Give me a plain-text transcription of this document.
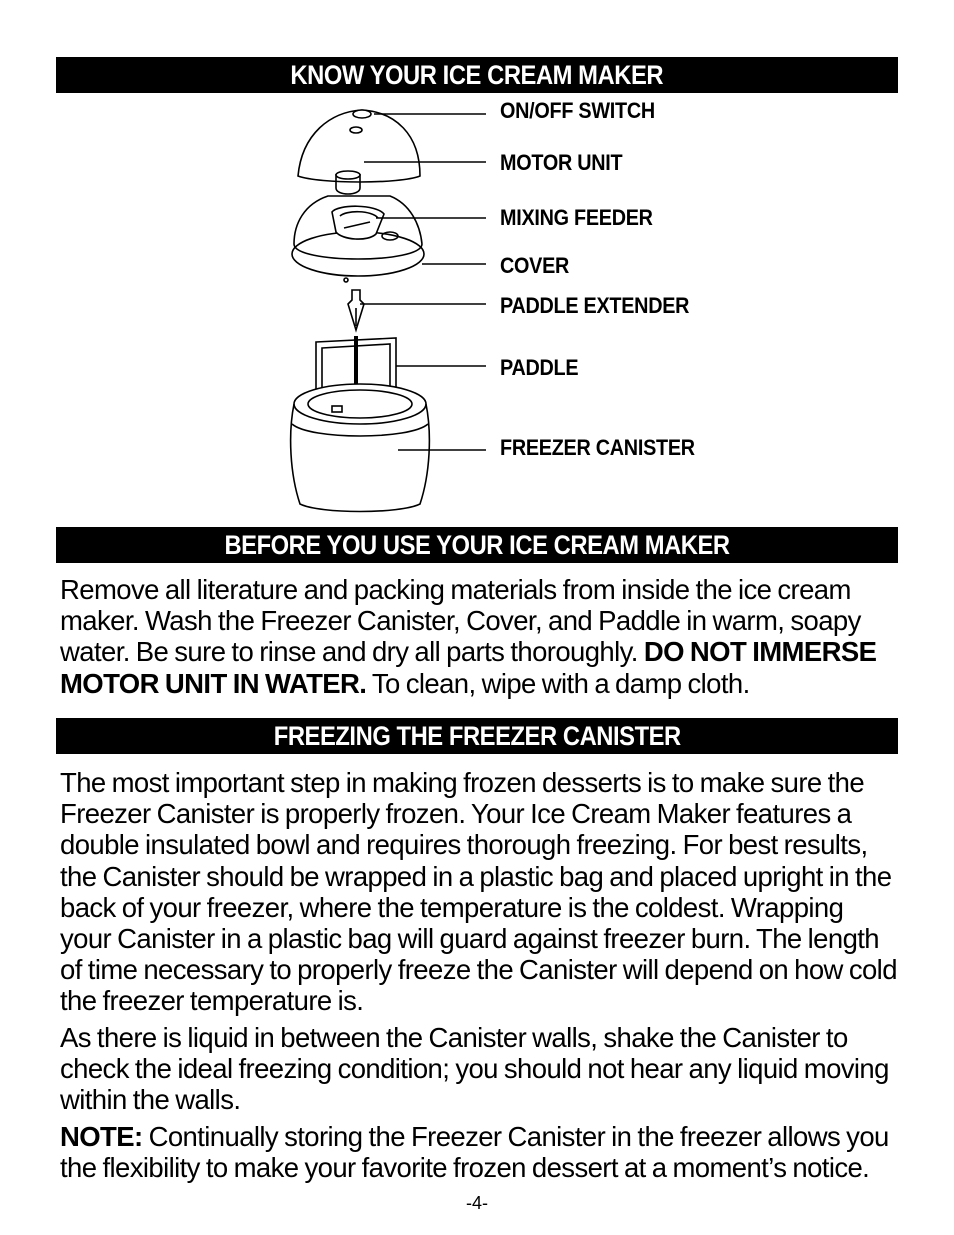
KNOW YOUR ICE CREAM MAKER
ON/OFF SWITCH
MOTOR UNIT
MIXING FEEDER
COVER
PADDLE EXTENDER
PADDLE
FREEZER CANISTER
BEFORE YOU USE YOUR ICE CREAM MAKER
Remove all literature and packing materials from inside the ice cream maker. Wash the Freezer Canister, Cover, and Paddle in warm, soapy water. Be sure to rinse and dry all parts thoroughly. DO NOT IMMERSE MOTOR UNIT IN WATER. To clean, wipe with a damp cloth.
FREEZING THE FREEZER CANISTER
The most important step in making frozen desserts is to make sure the Freezer Canister is properly frozen. Your Ice Cream Maker features a double insulated bowl and requires thorough freezing. For best results, the Canister should be wrapped in a plastic bag and placed upright in the back of your freezer, where the temperature is the coldest. Wrapping your Canister in a plastic bag will guard against freezer burn. The length of time necessary to properly freeze the Canister will depend on how cold the freezer temperature is.
As there is liquid in between the Canister walls, shake the Canister to check the ideal freezing condition; you should not hear any liquid moving within the walls.
NOTE: Continually storing the Freezer Canister in the freezer allows you the flexibility to make your favorite frozen dessert at a moment’s notice.
-4-
